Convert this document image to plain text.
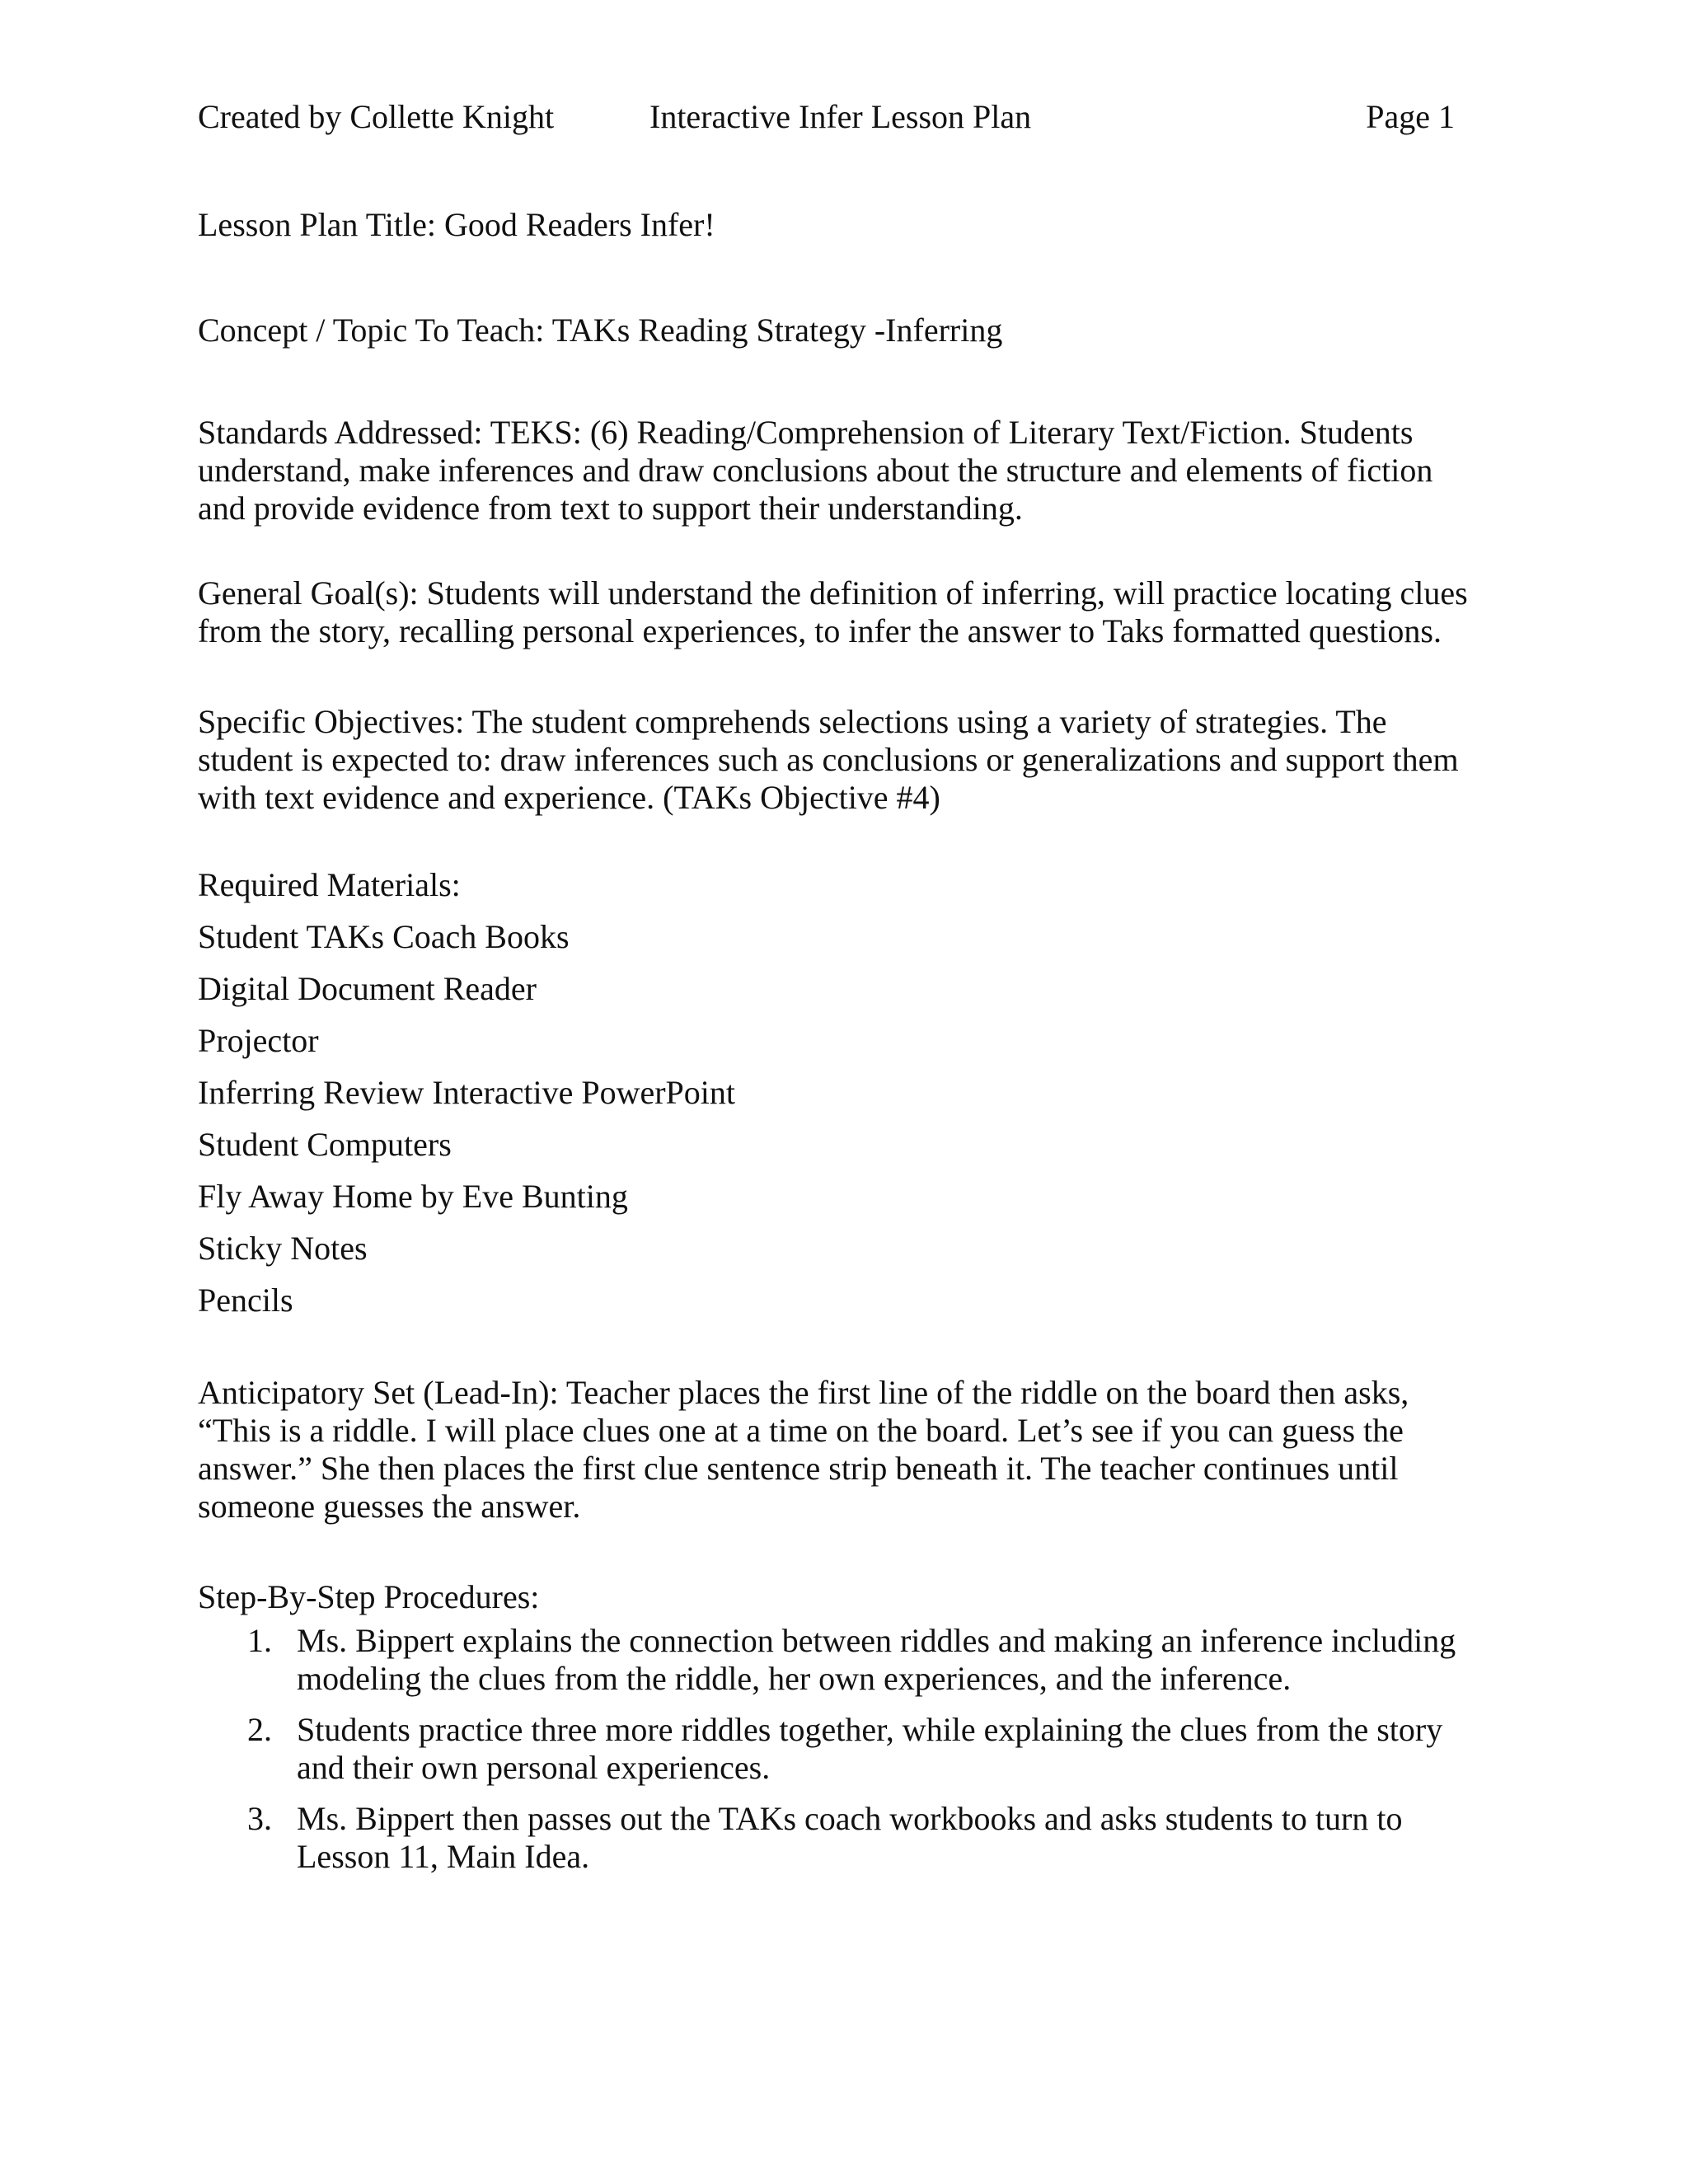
Created by Collette Knight	Interactive Infer Lesson Plan	Page 1

Lesson Plan Title: Good Readers Infer!

Concept / Topic To Teach: TAKs Reading Strategy -Inferring

Standards Addressed: TEKS: (6) Reading/Comprehension of Literary Text/Fiction. Students understand, make inferences and draw conclusions about the structure and elements of fiction and provide evidence from text to support their understanding.

General Goal(s): Students will understand the definition of inferring, will practice locating clues from the story, recalling personal experiences, to infer the answer to Taks formatted questions.

Specific Objectives: The student comprehends selections using a variety of strategies. The student is expected to: draw inferences such as conclusions or generalizations and support them with text evidence and experience. (TAKs Objective #4)

Required Materials:

Student TAKs Coach Books
Digital Document Reader
Projector
Inferring Review Interactive PowerPoint
Student Computers
Fly Away Home by Eve Bunting
Sticky Notes
Pencils

Anticipatory Set (Lead-In): Teacher places the first line of the riddle on the board then asks, “This is a riddle. I will place clues one at a time on the board. Let’s see if you can guess the answer.” She then places the first clue sentence strip beneath it. The teacher continues until someone guesses the answer.

Step-By-Step Procedures:

1. Ms. Bippert explains the connection between riddles and making an inference including modeling the clues from the riddle, her own experiences, and the inference.
2. Students practice three more riddles together, while explaining the clues from the story and their own personal experiences.
3. Ms. Bippert then passes out the TAKs coach workbooks and asks students to turn to Lesson 11, Main Idea.
